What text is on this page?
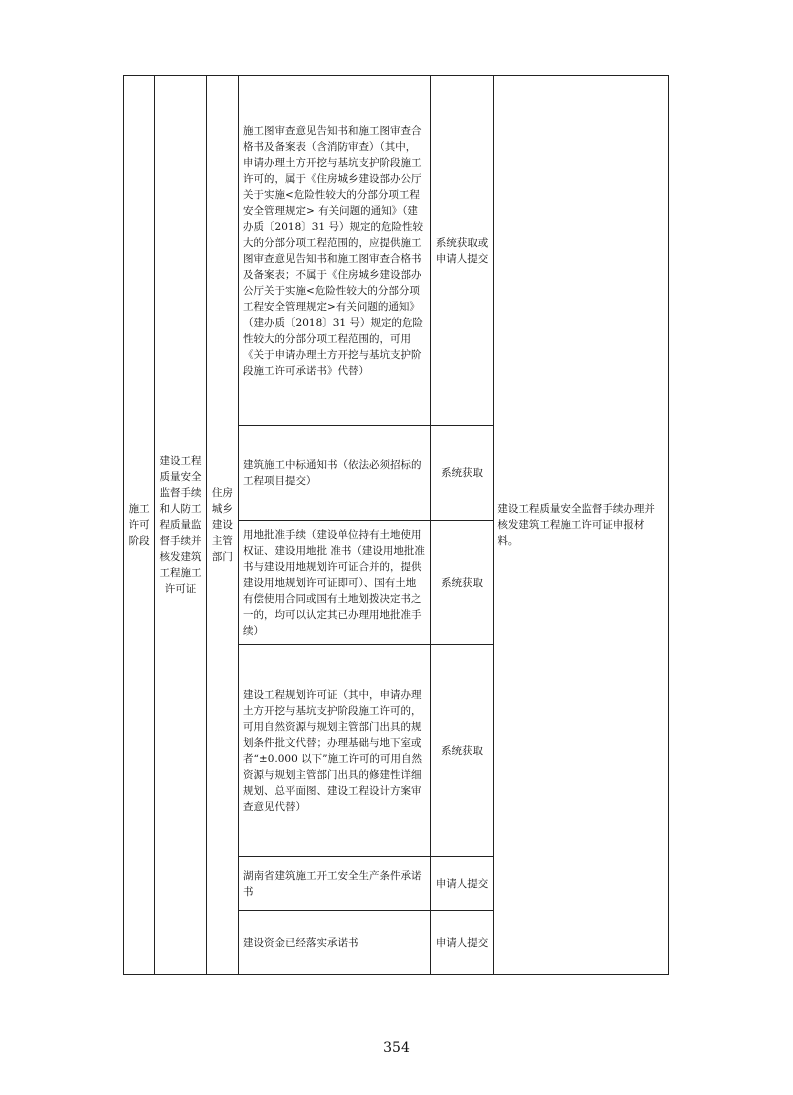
施工许可阶段	建设工程质量安全监督手续和人防工程质量监督手续并核发建筑工程施工许可证	住房城乡建设主管部门	施工图审查意见告知书和施工图审查合格书及备案表（含消防审查）（其中，申请办理土方开挖与基坑支护阶段施工许可的，属于《住房城乡建设部办公厅关于实施<危险性较大的分部分项工程安全管理规定> 有关问题的通知》（建办质〔2018〕31 号）规定的危险性较大的分部分项工程范围的，应提供施工图审查意见告知书和施工图审查合格书及备案表；不属于《住房城乡建设部办公厅关于实施<危险性较大的分部分项工程安全管理规定>有关问题的通知》（建办质〔2018〕31 号）规定的危险性较大的分部分项工程范围的，可用《关于申请办理土方开挖与基坑支护阶段施工许可承诺书》代替）	系统获取或申请人提交	建设工程质量安全监督手续办理并核发建筑工程施工许可证申报材料。
			建筑施工中标通知书（依法必须招标的工程项目提交）	系统获取	
			用地批准手续（建设单位持有土地使用权证、建设用地批 准书（建设用地批准书与建设用地规划许可证合并的，提供建设用地规划许可证即可）、国有土地有偿使用合同或国有土地划拨决定书之一的，均可以认定其已办理用地批准手续）	系统获取	
			建设工程规划许可证（其中，申请办理土方开挖与基坑支护阶段施工许可的，可用自然资源与规划主管部门出具的规划条件批文代替；办理基础与地下室或者“±0.000 以下”施工许可的可用自然资源与规划主管部门出具的修建性详细规划、总平面图、建设工程设计方案审查意见代替）	系统获取	
			湖南省建筑施工开工安全生产条件承诺书	申请人提交	
			建设资金已经落实承诺书	申请人提交	
354
